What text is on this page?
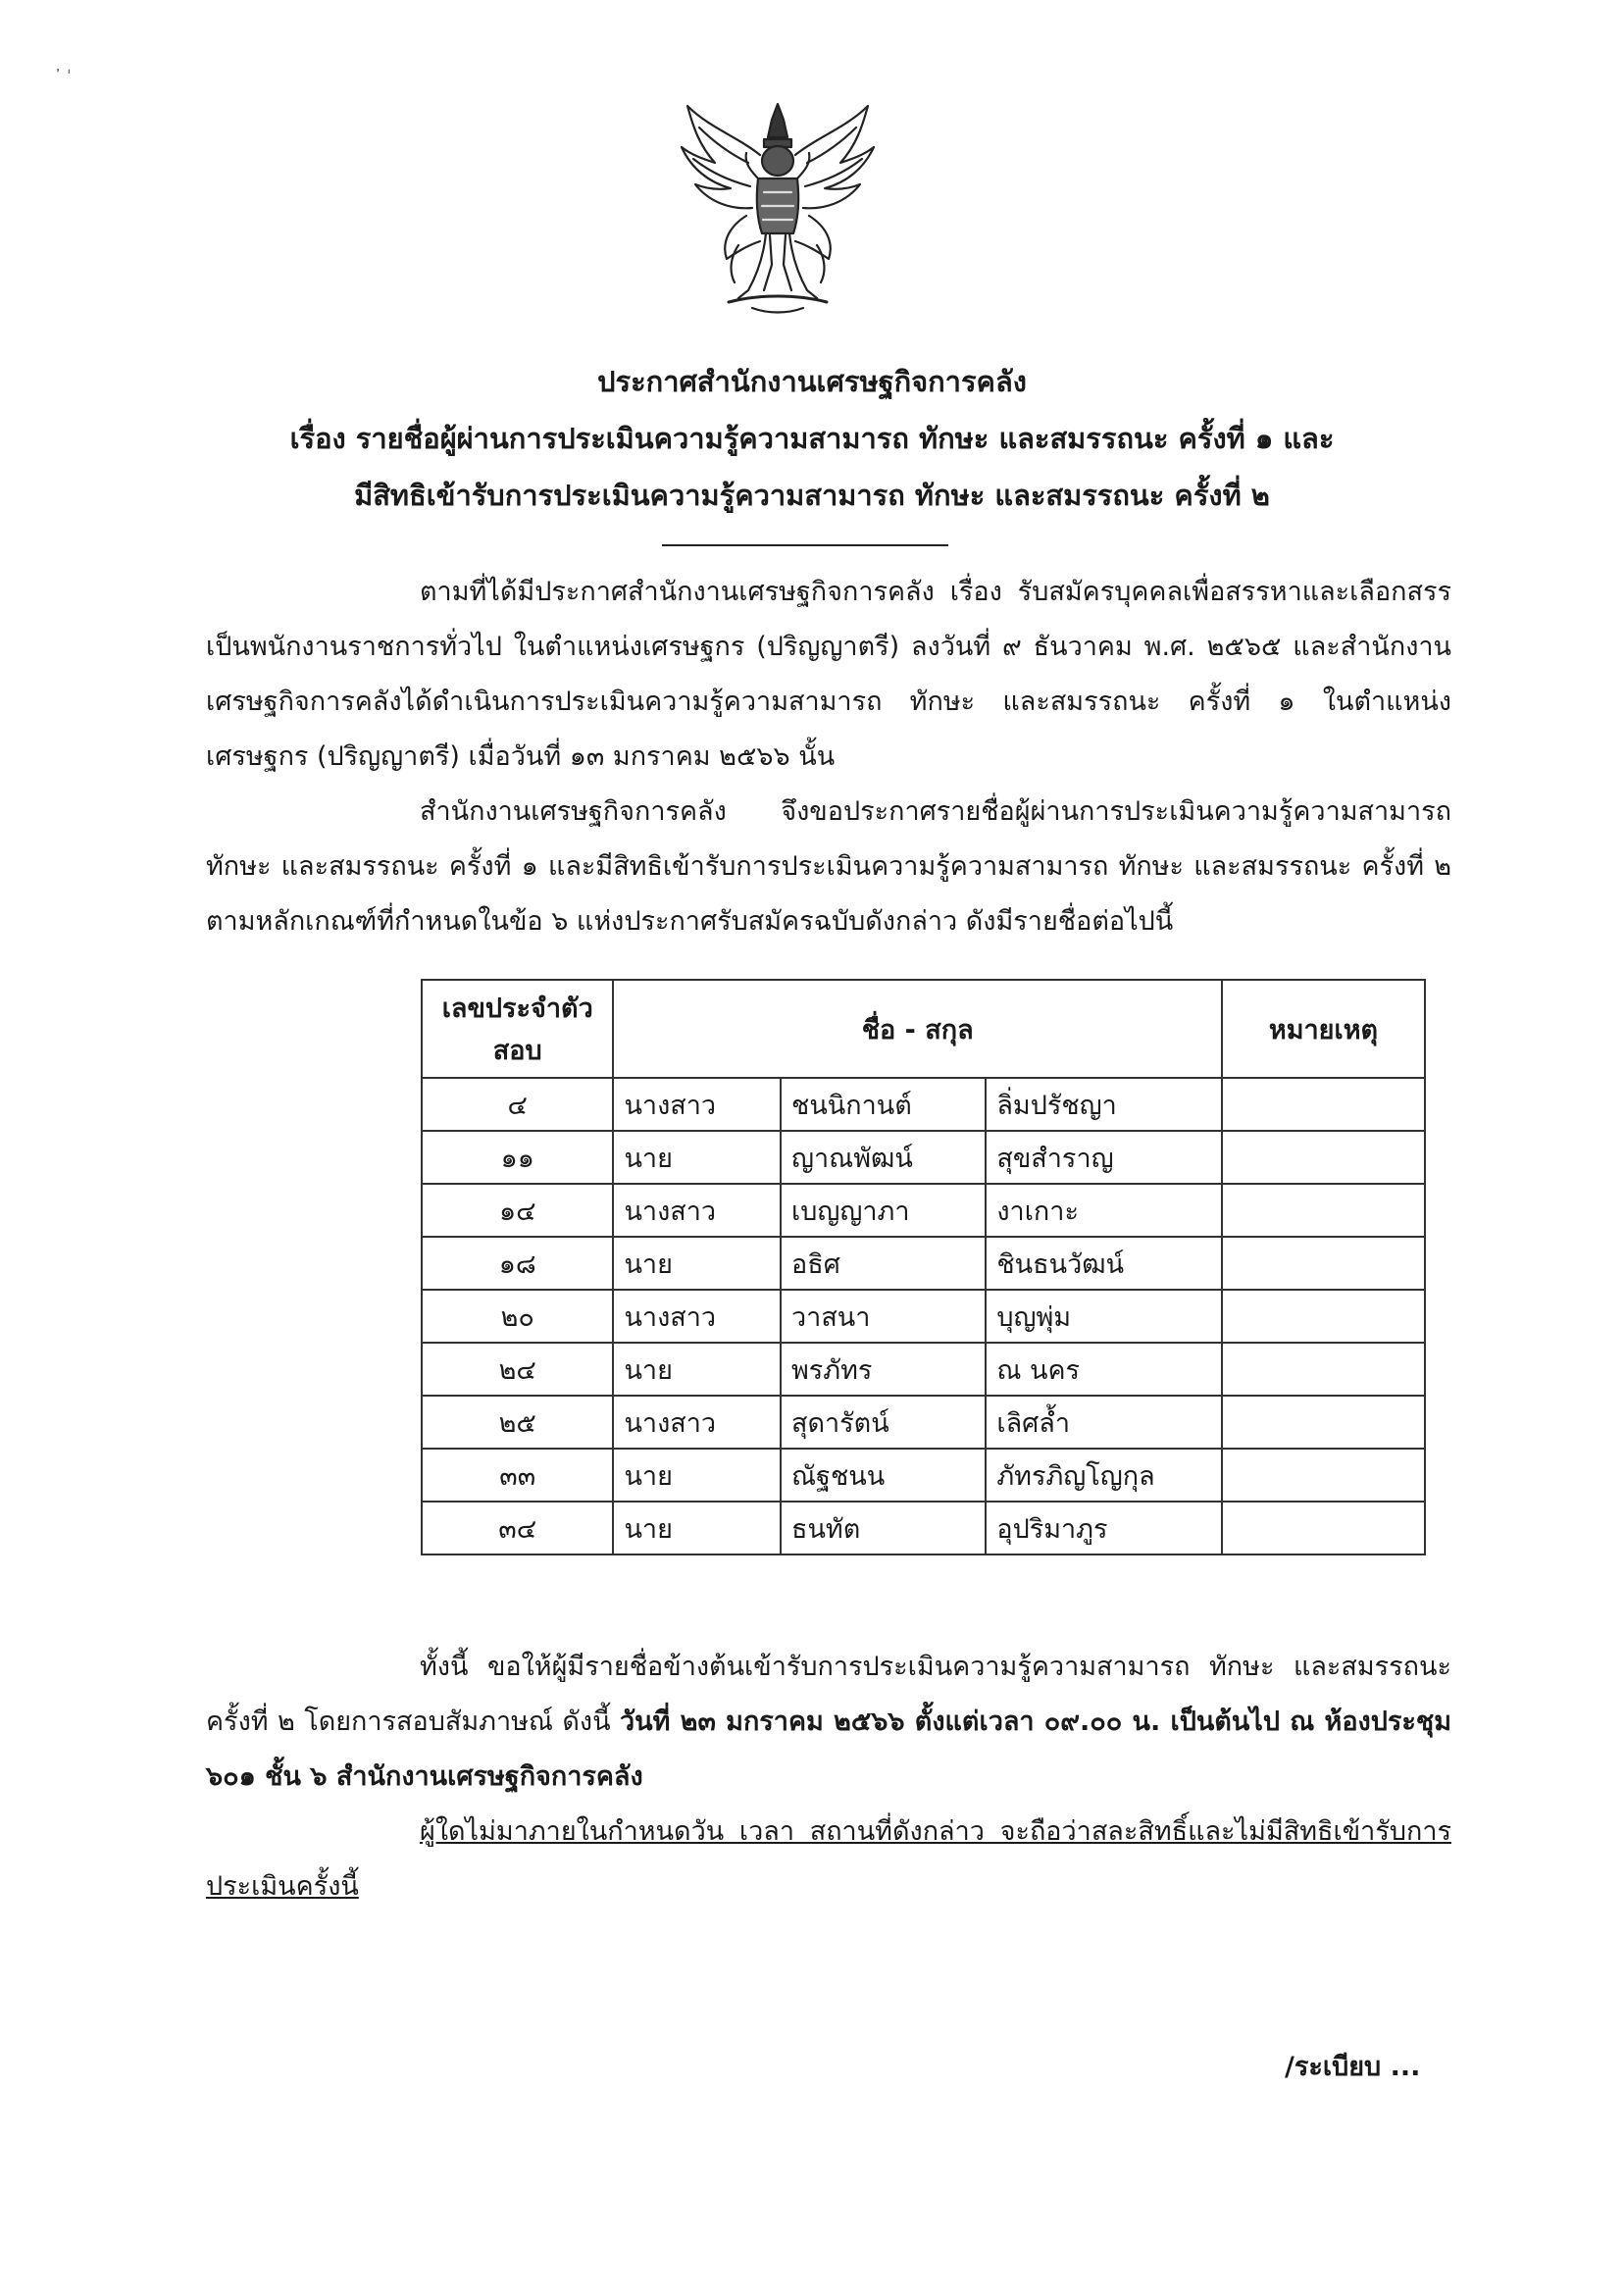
᾿ ˈ
ประกาศสำนักงานเศรษฐกิจการคลัง
เรื่อง รายชื่อผู้ผ่านการประเมินความรู้ความสามารถ ทักษะ และสมรรถนะ ครั้งที่ ๑ และ
มีสิทธิเข้ารับการประเมินความรู้ความสามารถ ทักษะ และสมรรถนะ ครั้งที่ ๒

ตามที่ได้มีประกาศสำนักงานเศรษฐกิจการคลัง เรื่อง รับสมัครบุคคลเพื่อสรรหาและเลือกสรรเป็นพนักงานราชการทั่วไป ในตำแหน่งเศรษฐกร (ปริญญาตรี) ลงวันที่ ๙ ธันวาคม พ.ศ. ๒๕๖๕ และสำนักงานเศรษฐกิจการคลังได้ดำเนินการประเมินความรู้ความสามารถ ทักษะ และสมรรถนะ ครั้งที่ ๑ ในตำแหน่งเศรษฐกร (ปริญญาตรี) เมื่อวันที่ ๑๓ มกราคม ๒๕๖๖ นั้น

สำนักงานเศรษฐกิจการคลัง จึงขอประกาศรายชื่อผู้ผ่านการประเมินความรู้ความสามารถ ทักษะ และสมรรถนะ ครั้งที่ ๑ และมีสิทธิเข้ารับการประเมินความรู้ความสามารถ ทักษะ และสมรรถนะ ครั้งที่ ๒ ตามหลักเกณฑ์ที่กำหนดในข้อ ๖ แห่งประกาศรับสมัครฉบับดังกล่าว ดังมีรายชื่อต่อไปนี้

เลขประจำตัวสอบ	ชื่อ - สกุล			หมายเหตุ
๔	นางสาว	ชนนิกานต์	ลิ่มปรัชญา	
๑๑	นาย	ญาณพัฒน์	สุขสำราญ	
๑๔	นางสาว	เบญญาภา	งาเกาะ	
๑๘	นาย	อธิศ	ชินธนวัฒน์	
๒๐	นางสาว	วาสนา	บุญพุ่ม	
๒๔	นาย	พรภัทร	ณ นคร	
๒๕	นางสาว	สุดารัตน์	เลิศล้ำ	
๓๓	นาย	ณัฐชนน	ภัทรภิญโญกุล	
๓๔	นาย	ธนทัต	อุปริมาภูร	

ทั้งนี้ ขอให้ผู้มีรายชื่อข้างต้นเข้ารับการประเมินความรู้ความสามารถ ทักษะ และสมรรถนะ ครั้งที่ ๒ โดยการสอบสัมภาษณ์ ดังนี้ วันที่ ๒๓ มกราคม ๒๕๖๖ ตั้งแต่เวลา ๐๙.๐๐ น. เป็นต้นไป ณ ห้องประชุม ๖๐๑ ชั้น ๖ สำนักงานเศรษฐกิจการคลัง

ผู้ใดไม่มาภายในกำหนดวัน เวลา สถานที่ดังกล่าว จะถือว่าสละสิทธิ์และไม่มีสิทธิเข้ารับการประเมินครั้งนี้

/ระเบียบ ...
